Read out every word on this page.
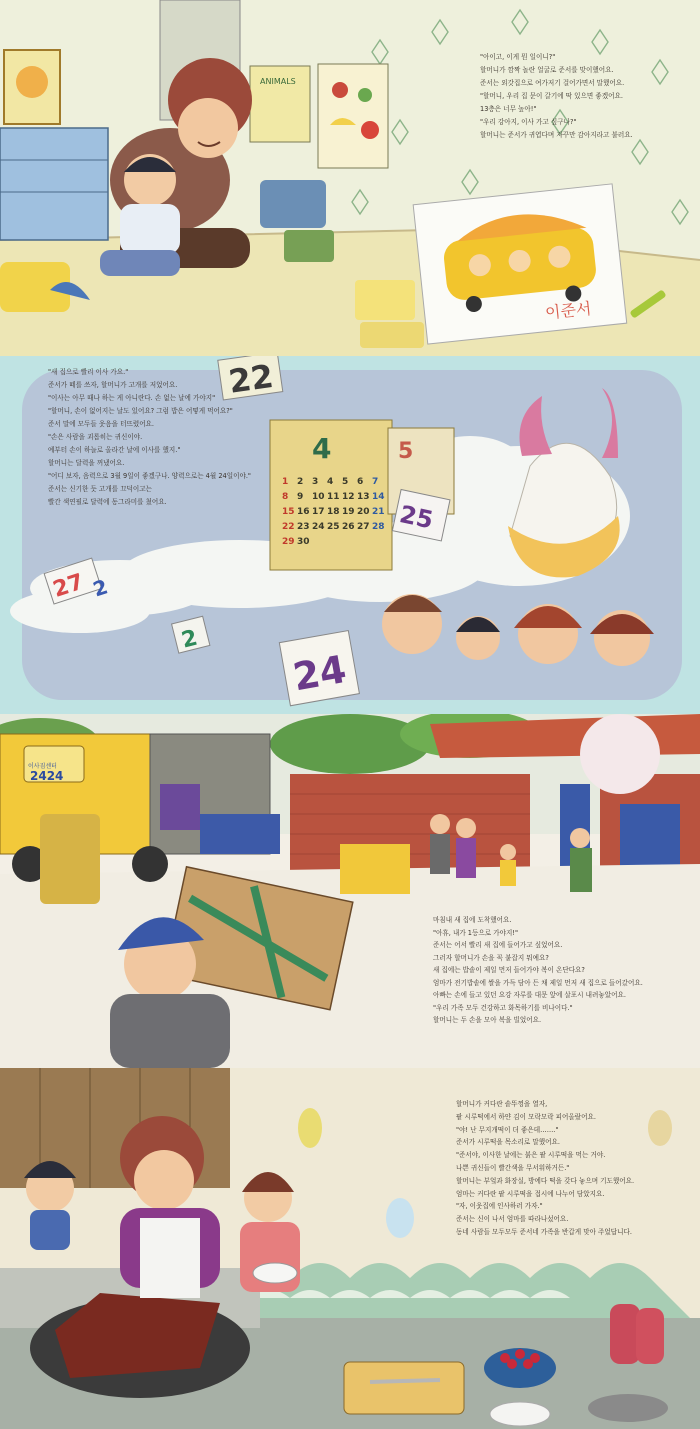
ANIMALS
이준서
"아이고, 이게 뭔 일이니?"
할머니가 깜짝 놀란 얼굴로 준서를 맞이했어요.
준서는 외갓집으로 여가저기 걸어가면서 말했어요.
"할머니, 우리 집 문이 갈기에 딱 있으면 좋겠어요.
13층은 너무 높아!"
"우리 강아지, 이사 가고 싶구나?"
할머니는 준서가 귀엽다며 자꾸만 감아지라고 불러요.
4
1 2 3 4 5 6 7
8 9 10 11 12 13 14
15 16 17 18 19 20 21
22 23 24 25 26 27 28
29 30
5
22
25
24
2
27 2
"새 집으로 빨리 이사 가요."
준서가 떼를 쓰자, 할머니가 고개를 저었어요.
"이사는 아무 때나 하는 게 아니란다. 손 없는 날에 가야지"
"할머니, 손이 없어지는 날도 있어요? 그럼 밥은 어떻게 먹어요?"
준서 말에 모두들 웃음을 터뜨렸어요.
"손은 사람을 괴롭히는 귀신이야.
예부터 손이 하늘로 올라간 날에 이사를 했지."
할머니는 달력을 꺼냈어요.
"어디 보자, 음력으로 3월 9일이 좋겠구나. 양력으로는 4월 24일이야."
준서는 신기한 듯 고개를 끄덕이고는
빨간 색연필로 달력에 동그라미를 쳤어요.
이사짐센터
2424
마침내 새 집에 도착했어요.
"아휴, 내가 1등으로 가야지!"
준서는 어서 빨리 새 집에 들어가고 싶었어요.
그러자 할머니가 손을 꼭 붙잡지 뭐예요?
새 집에는 밥솥이 제일 먼저 들어가야 복이 온단다요?
엄마가 전기밥솥에 쌀을 가득 담아 든 채 제일 먼저 새 집으로 들어갔어요.
아빠는 손에 들고 있던 요강 자루를 대문 앞에 살포시 내려놓았어요.
"우리 가족 모두 건강하고 화목하기를 비나이다."
할머니는 두 손을 모아 복을 빌었어요.
할머니가 커다란 솥뚜껑을 열자,
팥 시루떡에서 하얀 김이 모락모락 피어올랐어요.
"야! 난 무지개떡이 더 좋은데……."
준서가 시루떡을 목소리로 말했어요.
"준서야, 이사한 날에는 붉은 팥 시루떡을 먹는 거야.
나쁜 귀신들이 빨간색을 무서워하거든."
할머니는 부엌과 화장실, 방에다 떡을 갖다 놓으며 기도했어요.
엄마는 커다란 팥 시루떡을 접시에 나누어 담았지요.
"자, 이웃집에 인사하러 가자."
준서는 신이 나서 엄마를 따라나섰어요.
동네 사람들 모두모두 준서네 가족을 반갑게 맞아 주었답니다.
